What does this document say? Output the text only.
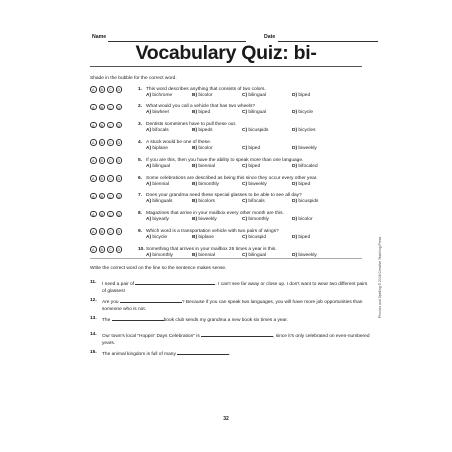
Name	Date
Vocabulary Quiz: bi-
Shade in the bubble for the correct word.
A	B	C	D	1. This word describes anything that consists of two colors.
A) bichrome	B) bicolor	C) bilingual	D) biped
A	B	C	D	2. What would you call a vehicle that has two wheels?
A) biwheel	B) biped	C) bilingual	D) bicycle
A	B	C	D	3. Dentists sometimes have to pull these out.
A) bifocals	B) bipeds	C) bicuspids	D) bicycles
A	B	C	D	4. A stuck would be one of these.
A) biplane	B) bicolor	C) biped	D) biweekly
A	B	C	D	5. If you are this, then you have the ability to speak more than one language.
A) bilingual	B) biennial	C) biped	D) bifocaled
A	B	C	D	6. Some celebrations are described as being this since they occur every other year.
A) biennial	B) bimonthly	C) biweekly	D) biped
A	B	C	D	7. Does your grandma need these special glasses to be able to see all day?
A) bilinguals	B) bicolors	C) bifocals	D) bicuspids
A	B	C	D	8. Magazines that arrive in your mailbox every other month are this.
A) biyearly	B) biweekly	C) bimonthly	D) bicolor
A	B	C	D	9. Which word is a transportation vehicle with two pairs of wings?
A) bicycle	B) biplane	C) bicuspid	D) biped
A	B	C	D	10. Something that arrives in your mailbox 26 times a year is this.
A) bimonthly	B) biennial	C) bilingual	D) biweekly
Write the correct word on the line so the sentence makes sense.
11. I need a pair of	. I can't see far away or close up. I don't want to wear two different pairs of glasses!
12. Are you	? Because if you can speak two languages, you will have more job opportunities than someone who is not.
13. The	book club sends my grandma a new book six times a year.
14. Our town's local "Hoppin' Days Celebration" is	, since it's only celebrated on even-numbered years.
15. The animal kingdom is full of many	.
Phonics and Spelling © 2006 Creative Teaching Press
32
